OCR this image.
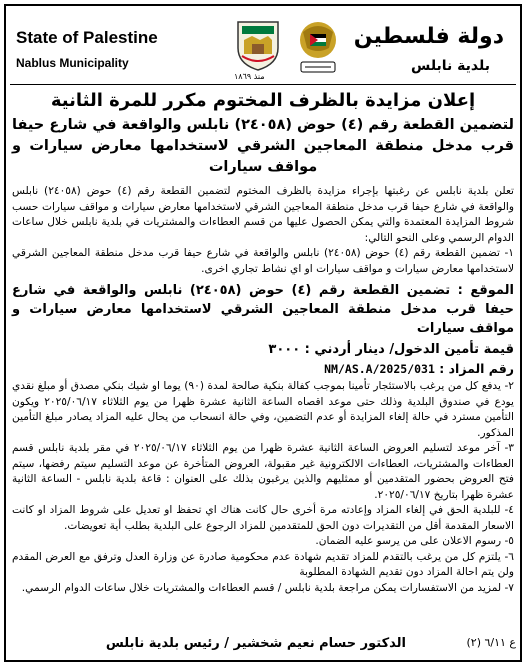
State of Palestine
Nablus Municipality
منذ ١٨٦٩
دولة فلسطين
بلدية نابلس
إعلان مزايدة بالظرف المختوم مكرر للمرة الثانية
لتضمين القطعة رقم (٤) حوض (٢٤٠٥٨) نابلس والواقعة في شارع حيفا قرب مدخل منطقة المعاجين الشرقي لاستخدامها معارض سيارات و مواقف سيارات

تعلن بلدية نابلس عن رغبتها بإجراء مزايدة بالظرف المختوم لتضمين القطعة رقم (٤) حوض (٢٤٠٥٨) نابلس والواقعة في شارع حيفا قرب مدخل منطقة المعاجين الشرقي لاستخدامها معارض سيارات و مواقف سيارات حسب شروط المزايدة المعتمدة والتي يمكن الحصول عليها من قسم العطاءات والمشتريات في بلدية نابلس خلال ساعات الدوام الرسمي وعلى النحو التالي:

١- تضمين القطعة رقم (٤) حوض (٢٤٠٥٨) نابلس والواقعة في شارع حيفا قرب مدخل منطقة المعاجين الشرقي لاستخدامها معارض سيارات و مواقف سيارات او اي نشاط تجاري اخرى.

الموقع : تضمين القطعة رقم (٤) حوض (٢٤٠٥٨) نابلس والواقعة في شارع حيفا قرب مدخل منطقة المعاجين الشرقي لاستخدامها معارض سيارات و مواقف سيارات

قيمة تأمين الدخول/ دينار أردني : ٣٠٠٠

رقم المزاد : NM/AS.A/2025/031

٢- يدفع كل من يرغب بالاستئجار تأمينا بموجب كفالة بنكية صالحة لمدة (٩٠) يوما او شيك بنكي مصدق أو مبلغ نقدي يودع في صندوق البلدية وذلك حتى موعد اقصاه الساعة الثانية عشرة ظهرا من يوم الثلاثاء ٢٠٢٥/٠٦/١٧ ويكون التأمين مسترد في حالة إلغاء المزايدة أو عدم التضمين، وفي حالة انسحاب من يحال عليه المزاد يصادر مبلغ التأمين المذكور.

٣- آخر موعد لتسليم العروض الساعة الثانية عشرة ظهرا من يوم الثلاثاء ٢٠٢٥/٠٦/١٧ في مقر بلدية نابلس قسم العطاءات والمشتريات، العطاءات الالكترونية غير مقبولة، العروض المتأخرة عن موعد التسليم سيتم رفضها، سيتم فتح العروض بحضور المتقدمين أو ممثليهم والذين يرغبون بذلك على العنوان : قاعة بلدية نابلس - الساعة الثانية عشرة ظهرا بتاريخ ٢٠٢٥/٠٦/١٧.

٤- للبلدية الحق في إلغاء المزاد وإعادته مرة أخرى حال كانت هناك اي تحفظ او تعديل على شروط المزاد او كانت الاسعار المقدمة أقل من التقديرات دون الحق للمتقدمين للمزاد الرجوع على البلدية بطلب أية تعويضات.

٥- رسوم الاعلان على من يرسو عليه الضمان.

٦- يلتزم كل من يرغب بالتقدم للمزاد تقديم شهادة عدم محكومية صادرة عن وزارة العدل وترفق مع العرض المقدم ولن يتم احالة المزاد دون تقديم الشهادة المطلوبة

٧- لمزيد من الاستفسارات يمكن مراجعة بلدية نابلس / قسم العطاءات والمشتريات خلال ساعات الدوام الرسمي.

الدكتور حسام نعيم شخشير / رئيس بلدية نابلس	ع ٦/١١ (٢)
